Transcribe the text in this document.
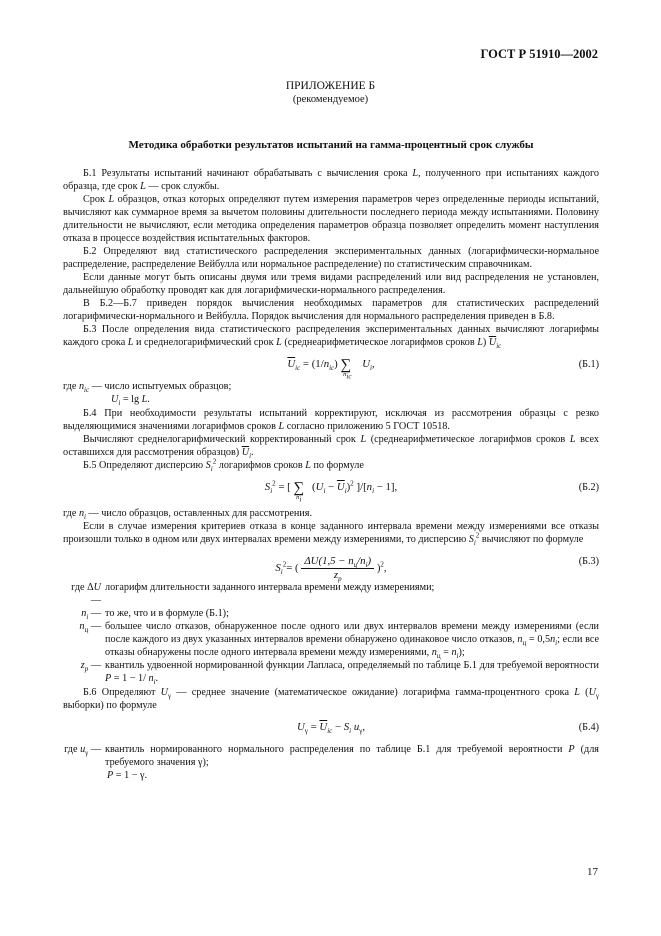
ГОСТ Р 51910—2002
ПРИЛОЖЕНИЕ Б
(рекомендуемое)
Методика обработки результатов испытаний на гамма-процентный срок службы

Б.1 Результаты испытаний начинают обрабатывать с вычисления срока L, полученного при испытаниях каждого образца, где срок L — срок службы.

Срок L образцов, отказ которых определяют путем измерения параметров через определенные периоды испытаний, вычисляют как суммарное время за вычетом половины длительности последнего периода между испытаниями. Половину длительности не вычисляют, если методика определения параметров образца позволяет определить момент наступления отказа в процессе воздействия испытательных факторов.

Б.2 Определяют вид статистического распределения экспериментальных данных (логарифмически-нормальное распределение, распределение Вейбулла или нормальное распределение) по статистическим справочникам.

Если данные могут быть описаны двумя или тремя видами распределений или вид распределения не установлен, дальнейшую обработку проводят как для логарифмически-нормального распределения.

В Б.2—Б.7 приведен порядок вычисления необходимых параметров для статистических распределений логарифмически-нормального и Вейбулла. Порядок вычисления для нормального распределения приведен в Б.8.

Б.3 После определения вида статистического распределения экспериментальных данных вычисляют логарифмы каждого срока L и среднелогарифмический срок L (среднеарифметическое логарифмов сроков L) $\overline{U}_{ic}$

$\overline{U}_{ic} = (1/n_{ic})$ $\sum_{n_{ic}}$ $U_i$,	(Б.1)

где $n_{ic}$ — число испытуемых образцов;

$U_i = \lg L$.

Б.4 При необходимости результаты испытаний корректируют, исключая из рассмотрения образцы с резко выделяющимися значениями логарифмов сроков L согласно приложению 5 ГОСТ 10518.

Вычисляют среднелогарифмический корректированный срок L (среднеарифметическое логарифмов сроков L всех оставшихся для рассмотрения образцов) $\overline{U}_i$.

Б.5 Определяют дисперсию $S_i^2$ логарифмов сроков L по формуле

$S_i^2$ = [ $\sum_{n_i}$ $(U_i - \overline{U}_i)^2$ ]$/[n_i - 1]$,	(Б.2)

где $n_i$ — число образцов, оставленных для рассмотрения.

Если в случае измерения критериев отказа в конце заданного интервала времени между измерениями все отказы произошли только в одном или двух интервалах времени между измерениями, то дисперсию $S_i^2$ вычисляют по формуле

$S_i^2=$ ( $\frac{\Delta U(1,5 - n_ц/n_i)}{z_p} )^2$,
(Б.3)
где ΔU —
логарифм длительности заданного интервала времени между измерениями;
$n_i$ — то же, что и в формуле (Б.1);
$n_ц$ — большее число отказов, обнаруженное после одного или двух интервалов времени между измерениями (если после каждого из двух указанных интервалов времени обнаружено одинаковое число отказов, $n_ц = 0,5n_i$; если все отказы обнаружены после одного интервала времени между измерениями, $n_ц = n_i$);
$z_p$ — квантиль удвоенной нормированной функции Лапласа, определяемый по таблице Б.1 для требуемой вероятности P = 1 − 1/ $n_i$.

Б.6 Определяют $U_\gamma$ — среднее значение (математическое ожидание) логарифма гамма-процентного срока L ($U_\gamma$ выборки) по формуле

$U_\gamma = \overline{U}_{ic} - S_i$ $u_\gamma$,	(Б.4)
где $u_\gamma$ — квантиль нормированного нормального распределения по таблице Б.1 для требуемой вероятности P (для требуемого значения γ);

P = 1 − γ.

17
